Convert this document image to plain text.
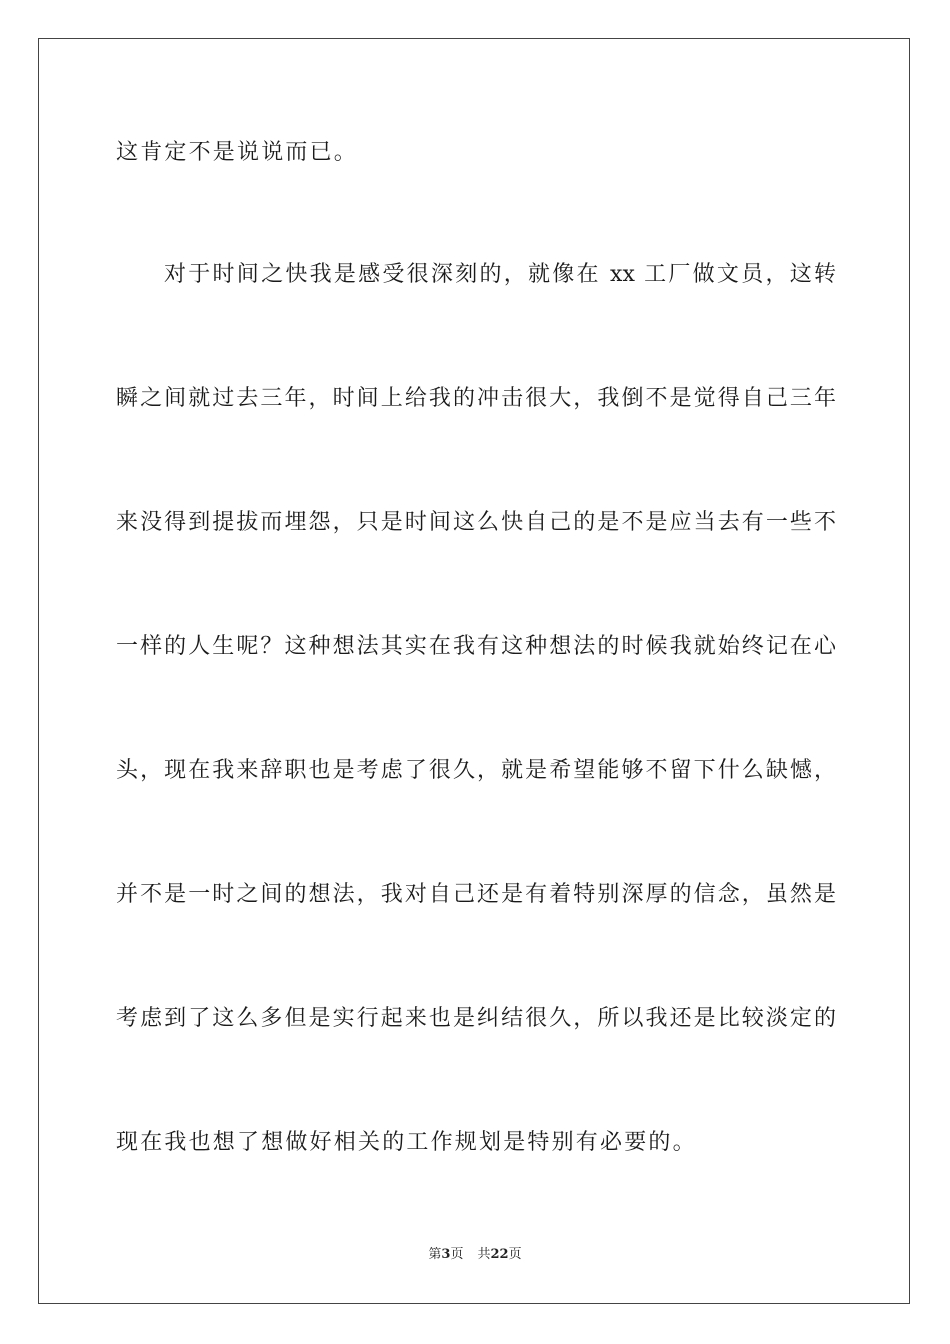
这肯定不是说说而已。
对于时间之快我是感受很深刻的，就像在 xx 工厂做文员，这转
瞬之间就过去三年，时间上给我的冲击很大，我倒不是觉得自己三年
来没得到提拔而埋怨，只是时间这么快自己的是不是应当去有一些不
一样的人生呢？这种想法其实在我有这种想法的时候我就始终记在心
头，现在我来辞职也是考虑了很久，就是希望能够不留下什么缺憾，
并不是一时之间的想法，我对自己还是有着特别深厚的信念，虽然是
考虑到了这么多但是实行起来也是纠结很久，所以我还是比较淡定的
现在我也想了想做好相关的工作规划是特别有必要的。
第3页 共22页
